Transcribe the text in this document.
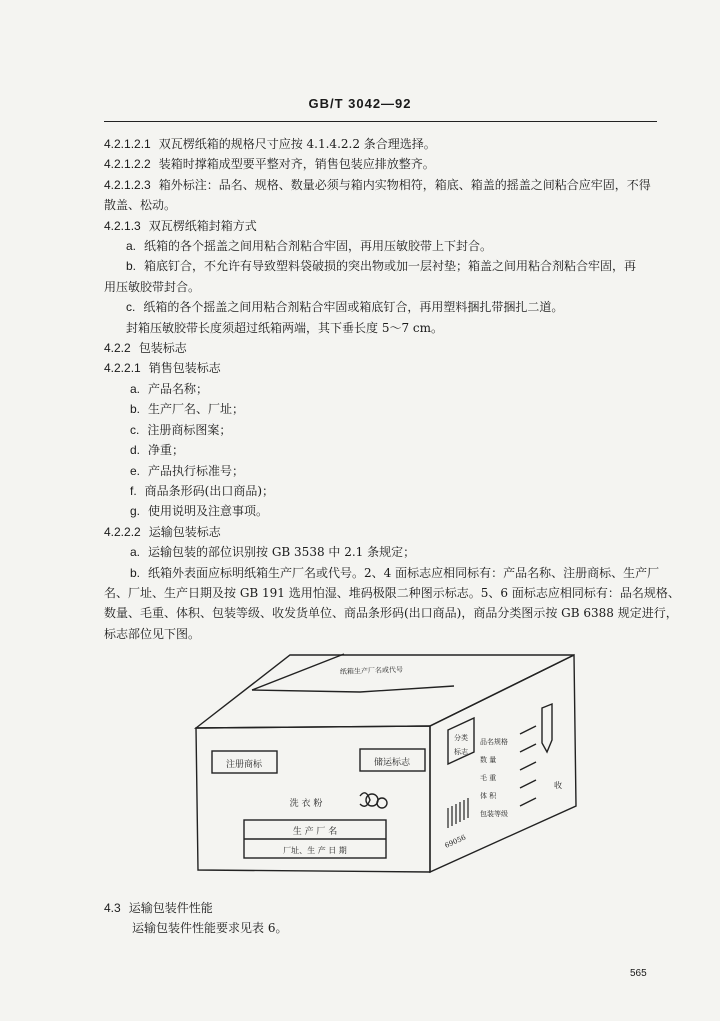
GB/T 3042—92
4.2.1.2.1 双瓦楞纸箱的规格尺寸应按 4.1.4.2.2 条合理选择。
4.2.1.2.2 装箱时撑箱成型要平整对齐，销售包装应排放整齐。
4.2.1.2.3 箱外标注：品名、规格、数量必须与箱内实物相符，箱底、箱盖的摇盖之间粘合应牢固，不得
散盖、松动。
4.2.1.3 双瓦楞纸箱封箱方式
a. 纸箱的各个摇盖之间用粘合剂粘合牢固，再用压敏胶带上下封合。
b. 箱底钉合，不允许有导致塑料袋破损的突出物或加一层衬垫；箱盖之间用粘合剂粘合牢固，再
用压敏胶带封合。
c. 纸箱的各个摇盖之间用粘合剂粘合牢固或箱底钉合，再用塑料捆扎带捆扎二道。
封箱压敏胶带长度须超过纸箱两端，其下垂长度 5～7 cm。
4.2.2 包装标志
4.2.2.1 销售包装标志
a. 产品名称；
b. 生产厂名、厂址；
c. 注册商标图案；
d. 净重；
e. 产品执行标准号；
f. 商品条形码(出口商品)；
g. 使用说明及注意事项。
4.2.2.2 运输包装标志
a. 运输包装的部位识别按 GB 3538 中 2.1 条规定；
b. 纸箱外表面应标明纸箱生产厂名或代号。2、4 面标志应相同标有：产品名称、注册商标、生产厂
名、厂址、生产日期及按 GB 191 选用怕湿、堆码极限二种图示标志。5、6 面标志应相同标有：品名规格、
数量、毛重、体积、包装等级、收发货单位、商品条形码(出口商品)，商品分类图示按 GB 6388 规定进行，
标志部位见下图。
纸箱生产厂名或代号
注册商标	储运标志
洗 衣 粉
生 产 厂 名
厂址、生 产 日 期
分类
标志
品名规格
数 量
毛 重
体 积
包装等级
收
69056
4.3 运输包装件性能
运输包装件性能要求见表 6。
565
